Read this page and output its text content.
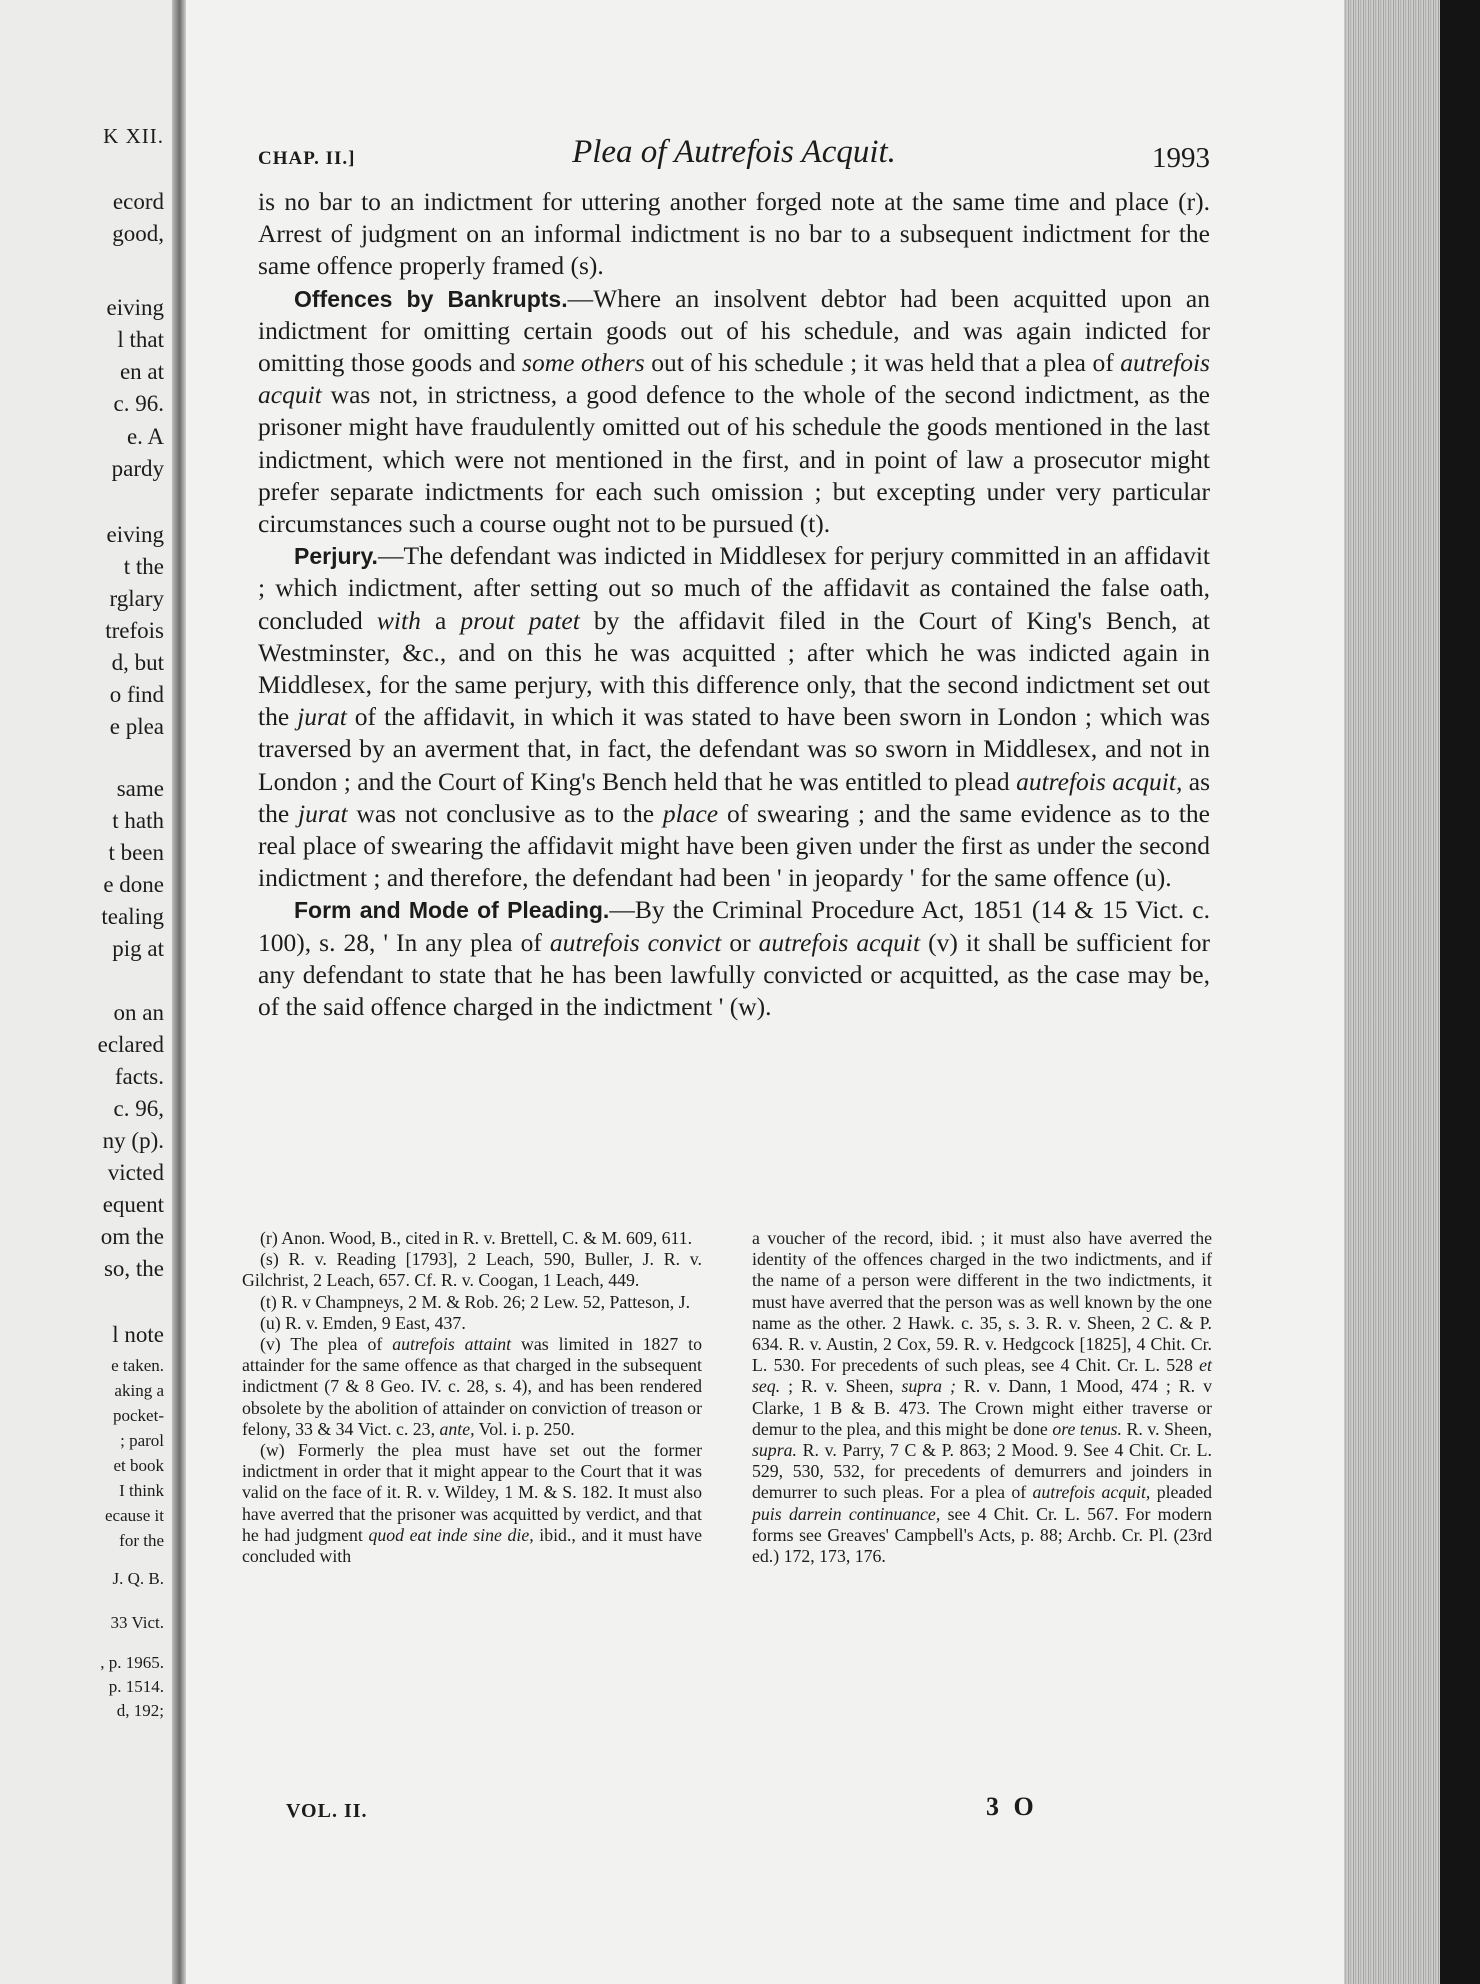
K XII.
ecord
good,
eiving
l that
en at
c. 96.
e. A
pardy
eiving
t the
rglary
trefois
d, but
o find
e plea
same
t hath
t been
e done
tealing
pig at
on an
eclared
facts.
c. 96,
ny (p).
victed
equent
om the
so, the
l note
e taken.
aking a
pocket-
; parol
et book
I think
ecause it
for the
J. Q. B.
33 Vict.
, p. 1965.
p. 1514.
d, 192;
CHAP. II.]	Plea of Autrefois Acquit.	1993

is no bar to an indictment for uttering another forged note at the same time and place (r). Arrest of judgment on an informal indictment is no bar to a subsequent indictment for the same offence properly framed (s).

Offences by Bankrupts.—Where an insolvent debtor had been acquitted upon an indictment for omitting certain goods out of his schedule, and was again indicted for omitting those goods and some others out of his schedule ; it was held that a plea of autrefois acquit was not, in strictness, a good defence to the whole of the second indictment, as the prisoner might have fraudulently omitted out of his schedule the goods mentioned in the last indictment, which were not mentioned in the first, and in point of law a prosecutor might prefer separate indictments for each such omission ; but excepting under very particular circumstances such a course ought not to be pursued (t).

Perjury.—The defendant was indicted in Middlesex for perjury committed in an affidavit ; which indictment, after setting out so much of the affidavit as contained the false oath, concluded with a prout patet by the affidavit filed in the Court of King's Bench, at Westminster, &c., and on this he was acquitted ; after which he was indicted again in Middlesex, for the same perjury, with this difference only, that the second indictment set out the jurat of the affidavit, in which it was stated to have been sworn in London ; which was traversed by an averment that, in fact, the defendant was so sworn in Middlesex, and not in London ; and the Court of King's Bench held that he was entitled to plead autrefois acquit, as the jurat was not conclusive as to the place of swearing ; and the same evidence as to the real place of swearing the affidavit might have been given under the first as under the second indictment ; and therefore, the defendant had been ' in jeopardy ' for the same offence (u).

Form and Mode of Pleading.—By the Criminal Procedure Act, 1851 (14 & 15 Vict. c. 100), s. 28, ' In any plea of autrefois convict or autrefois acquit (v) it shall be sufficient for any defendant to state that he has been lawfully convicted or acquitted, as the case may be, of the said offence charged in the indictment ' (w).

(r) Anon. Wood, B., cited in R. v. Brettell, C. & M. 609, 611.

(s) R. v. Reading [1793], 2 Leach, 590, Buller, J. R. v. Gilchrist, 2 Leach, 657. Cf. R. v. Coogan, 1 Leach, 449.

(t) R. v Champneys, 2 M. & Rob. 26; 2 Lew. 52, Patteson, J.

(u) R. v. Emden, 9 East, 437.

(v) The plea of autrefois attaint was limited in 1827 to attainder for the same offence as that charged in the subsequent indictment (7 & 8 Geo. IV. c. 28, s. 4), and has been rendered obsolete by the abolition of attainder on conviction of treason or felony, 33 & 34 Vict. c. 23, ante, Vol. i. p. 250.

(w) Formerly the plea must have set out the former indictment in order that it might appear to the Court that it was valid on the face of it. R. v. Wildey, 1 M. & S. 182. It must also have averred that the prisoner was acquitted by verdict, and that he had judgment quod eat inde sine die, ibid., and it must have concluded with

a voucher of the record, ibid. ; it must also have averred the identity of the offences charged in the two indictments, and if the name of a person were different in the two indictments, it must have averred that the person was as well known by the one name as the other. 2 Hawk. c. 35, s. 3. R. v. Sheen, 2 C. & P. 634. R. v. Austin, 2 Cox, 59. R. v. Hedgcock [1825], 4 Chit. Cr. L. 530. For precedents of such pleas, see 4 Chit. Cr. L. 528 et seq. ; R. v. Sheen, supra ; R. v. Dann, 1 Mood, 474 ; R. v Clarke, 1 B & B. 473. The Crown might either traverse or demur to the plea, and this might be done ore tenus. R. v. Sheen, supra. R. v. Parry, 7 C & P. 863; 2 Mood. 9. See 4 Chit. Cr. L. 529, 530, 532, for precedents of demurrers and joinders in demurrer to such pleas. For a plea of autrefois acquit, pleaded puis darrein continuance, see 4 Chit. Cr. L. 567. For modern forms see Greaves' Campbell's Acts, p. 88; Archb. Cr. Pl. (23rd ed.) 172, 173, 176.

VOL. II.	3 O
